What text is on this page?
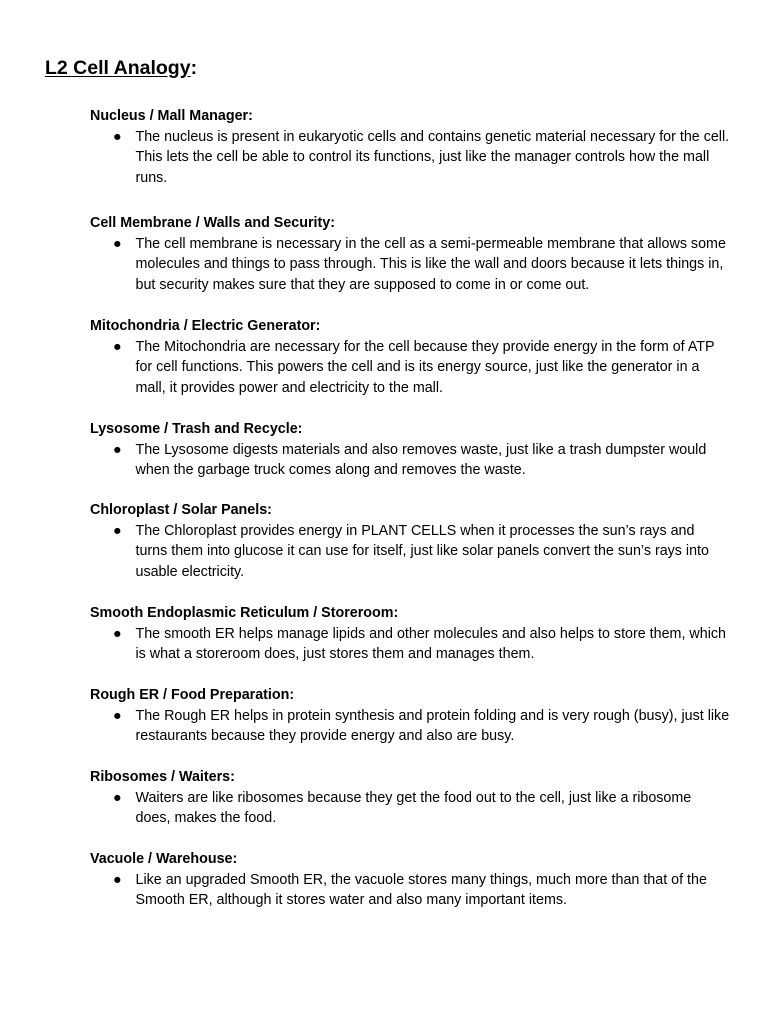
L2 Cell Analogy:

Nucleus / Mall Manager:

● The nucleus is present in eukaryotic cells and contains genetic material necessary for the cell. This lets the cell be able to control its functions, just like the manager controls how the mall runs.

Cell Membrane / Walls and Security:

● The cell membrane is necessary in the cell as a semi-permeable membrane that allows some molecules and things to pass through. This is like the wall and doors because it lets things in, but security makes sure that they are supposed to come in or come out.

Mitochondria / Electric Generator:

● The Mitochondria are necessary for the cell because they provide energy in the form of ATP for cell functions. This powers the cell and is its energy source, just like the generator in a mall, it provides power and electricity to the mall.

Lysosome / Trash and Recycle:

● The Lysosome digests materials and also removes waste, just like a trash dumpster would when the garbage truck comes along and removes the waste.

Chloroplast / Solar Panels:

● The Chloroplast provides energy in PLANT CELLS when it processes the sun’s rays and turns them into glucose it can use for itself, just like solar panels convert the sun’s rays into usable electricity.

Smooth Endoplasmic Reticulum / Storeroom:

● The smooth ER helps manage lipids and other molecules and also helps to store them, which is what a storeroom does, just stores them and manages them.

Rough ER / Food Preparation:

● The Rough ER helps in protein synthesis and protein folding and is very rough (busy), just like restaurants because they provide energy and also are busy.

Ribosomes / Waiters:

● Waiters are like ribosomes because they get the food out to the cell, just like a ribosome does, makes the food.

Vacuole / Warehouse:

● Like an upgraded Smooth ER, the vacuole stores many things, much more than that of the Smooth ER, although it stores water and also many important items.
